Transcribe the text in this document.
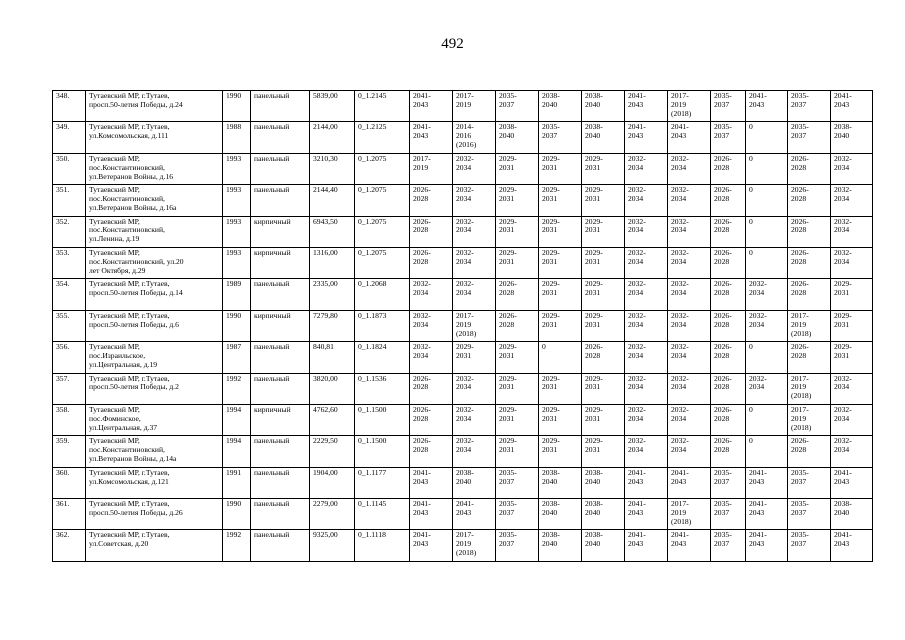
492
348.	Тутаевский МР, г.Тутаев,
просп.50-летия Победы, д.24	1990	панельный	5839,00	0_1.2145	2041-
2043	2017-
2019	2035-
2037	2038-
2040	2038-
2040	2041-
2043	2017-
2019
(2018)	2035-
2037	2041-
2043	2035-
2037	2041-
2043
349.	Тутаевский МР, г.Тутаев,
ул.Комсомольская, д.111	1988	панельный	2144,00	0_1.2125	2041-
2043	2014-
2016
(2016)	2038-
2040	2035-
2037	2038-
2040	2041-
2043	2041-
2043	2035-
2037	0	2035-
2037	2038-
2040
350.	Тутаевский МР,
пос.Константиновский,
ул.Ветеранов Войны, д.16	1993	панельный	3210,30	0_1.2075	2017-
2019	2032-
2034	2029-
2031	2029-
2031	2029-
2031	2032-
2034	2032-
2034	2026-
2028	0	2026-
2028	2032-
2034
351.	Тутаевский МР,
пос.Константиновский,
ул.Ветеранов Войны, д.16а	1993	панельный	2144,40	0_1.2075	2026-
2028	2032-
2034	2029-
2031	2029-
2031	2029-
2031	2032-
2034	2032-
2034	2026-
2028	0	2026-
2028	2032-
2034
352.	Тутаевский МР,
пос.Константиновский,
ул.Ленина, д.19	1993	кирпичный	6943,50	0_1.2075	2026-
2028	2032-
2034	2029-
2031	2029-
2031	2029-
2031	2032-
2034	2032-
2034	2026-
2028	0	2026-
2028	2032-
2034
353.	Тутаевский МР,
пос.Константиновский, ул.20
лет Октября, д.29	1993	кирпичный	1316,00	0_1.2075	2026-
2028	2032-
2034	2029-
2031	2029-
2031	2029-
2031	2032-
2034	2032-
2034	2026-
2028	0	2026-
2028	2032-
2034
354.	Тутаевский МР, г.Тутаев,
просп.50-летия Победы, д.14	1989	панельный	2335,00	0_1.2068	2032-
2034	2032-
2034	2026-
2028	2029-
2031	2029-
2031	2032-
2034	2032-
2034	2026-
2028	2032-
2034	2026-
2028	2029-
2031
355.	Тутаевский МР, г.Тутаев,
просп.50-летия Победы, д.6	1990	кирпичный	7279,80	0_1.1873	2032-
2034	2017-
2019
(2018)	2026-
2028	2029-
2031	2029-
2031	2032-
2034	2032-
2034	2026-
2028	2032-
2034	2017-
2019
(2018)	2029-
2031
356.	Тутаевский МР,
пос.Израильское,
ул.Центральная, д.19	1987	панельный	840,81	0_1.1824	2032-
2034	2029-
2031	2029-
2031	0	2026-
2028	2032-
2034	2032-
2034	2026-
2028	0	2026-
2028	2029-
2031
357.	Тутаевский МР, г.Тутаев,
просп.50-летия Победы, д.2	1992	панельный	3820,00	0_1.1536	2026-
2028	2032-
2034	2029-
2031	2029-
2031	2029-
2031	2032-
2034	2032-
2034	2026-
2028	2032-
2034	2017-
2019
(2018)	2032-
2034
358.	Тутаевский МР,
пос.Фоминское,
ул.Центральная, д.37	1994	кирпичный	4762,60	0_1.1500	2026-
2028	2032-
2034	2029-
2031	2029-
2031	2029-
2031	2032-
2034	2032-
2034	2026-
2028	0	2017-
2019
(2018)	2032-
2034
359.	Тутаевский МР,
пос.Константиновский,
ул.Ветеранов Войны, д.14а	1994	панельный	2229,50	0_1.1500	2026-
2028	2032-
2034	2029-
2031	2029-
2031	2029-
2031	2032-
2034	2032-
2034	2026-
2028	0	2026-
2028	2032-
2034
360.	Тутаевский МР, г.Тутаев,
ул.Комсомольская, д.121	1991	панельный	1904,00	0_1.1177	2041-
2043	2038-
2040	2035-
2037	2038-
2040	2038-
2040	2041-
2043	2041-
2043	2035-
2037	2041-
2043	2035-
2037	2041-
2043
361.	Тутаевский МР, г.Тутаев,
просп.50-летия Победы, д.26	1990	панельный	2279,00	0_1.1145	2041-
2043	2041-
2043	2035-
2037	2038-
2040	2038-
2040	2041-
2043	2017-
2019
(2018)	2035-
2037	2041-
2043	2035-
2037	2038-
2040
362.	Тутаевский МР, г.Тутаев,
ул.Советская, д.20	1992	панельный	9325,00	0_1.1118	2041-
2043	2017-
2019
(2018)	2035-
2037	2038-
2040	2038-
2040	2041-
2043	2041-
2043	2035-
2037	2041-
2043	2035-
2037	2041-
2043
